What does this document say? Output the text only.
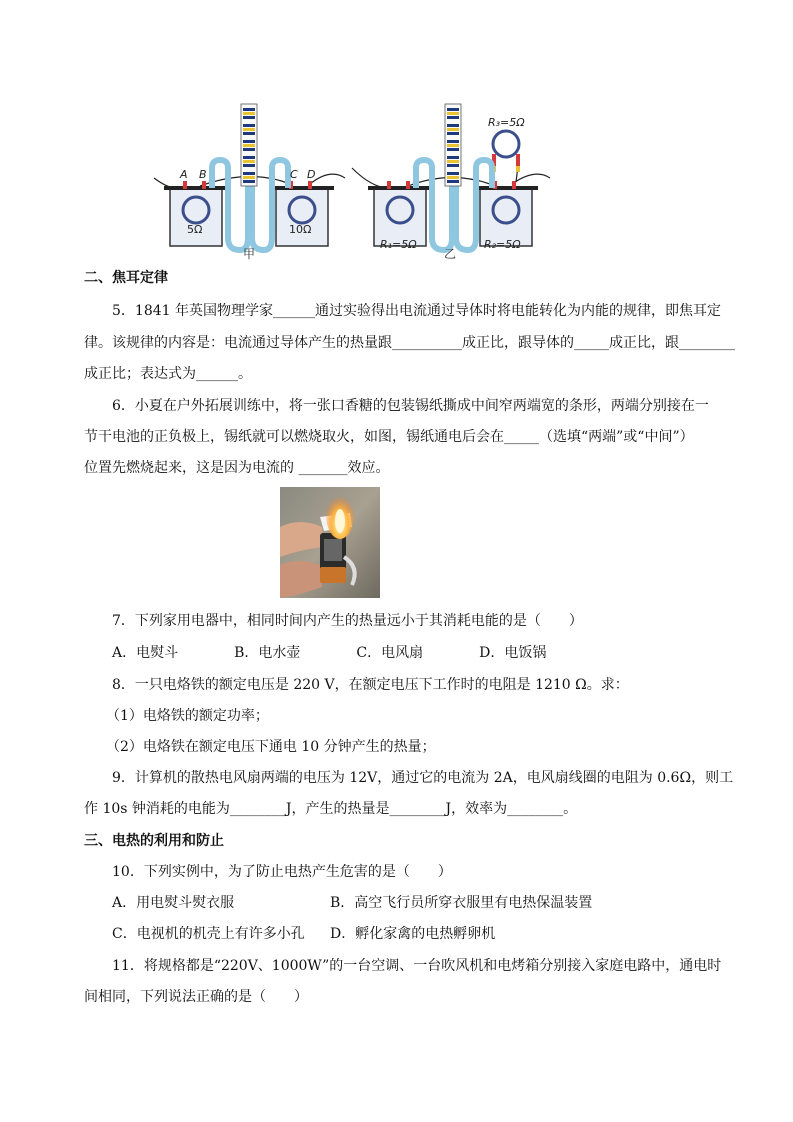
A B	C D
5Ω	10Ω
甲
R₃=5Ω
R₁=5Ω	R₂=5Ω
乙
二、焦耳定律
5．1841 年英国物理学家______通过实验得出电流通过导体时将电能转化为内能的规律，即焦耳定
律。该规律的内容是：电流通过导体产生的热量跟__________成正比，跟导体的_____成正比，跟________
成正比；表达式为______。
6．小夏在户外拓展训练中，将一张口香糖的包装锡纸撕成中间窄两端宽的条形，两端分别接在一
节干电池的正负极上，锡纸就可以燃烧取火，如图，锡纸通电后会在_____（选填“两端”或“中间”）
位置先燃烧起来，这是因为电流的 _______效应。
7．下列家用电器中，相同时间内产生的热量远小于其消耗电能的是（　　）
A．电熨斗	B．电水壶	C．电风扇	D．电饭锅
8．一只电烙铁的额定电压是 220 V，在额定电压下工作时的电阻是 1210 Ω。求：
（1）电烙铁的额定功率；
（2）电烙铁在额定电压下通电 10 分钟产生的热量；
9．计算机的散热电风扇两端的电压为 12V，通过它的电流为 2A，电风扇线圈的电阻为 0.6Ω，则工
作 10s 钟消耗的电能为________J，产生的热量是________J，效率为________。
三、电热的利用和防止
10．下列实例中，为了防止电热产生危害的是（　　）
A．用电熨斗熨衣服	B．高空飞行员所穿衣服里有电热保温装置
C．电视机的机壳上有许多小孔	D．孵化家禽的电热孵卵机
11．将规格都是“220V、1000W”的一台空调、一台吹风机和电烤箱分别接入家庭电路中，通电时
间相同，下列说法正确的是（　　）
